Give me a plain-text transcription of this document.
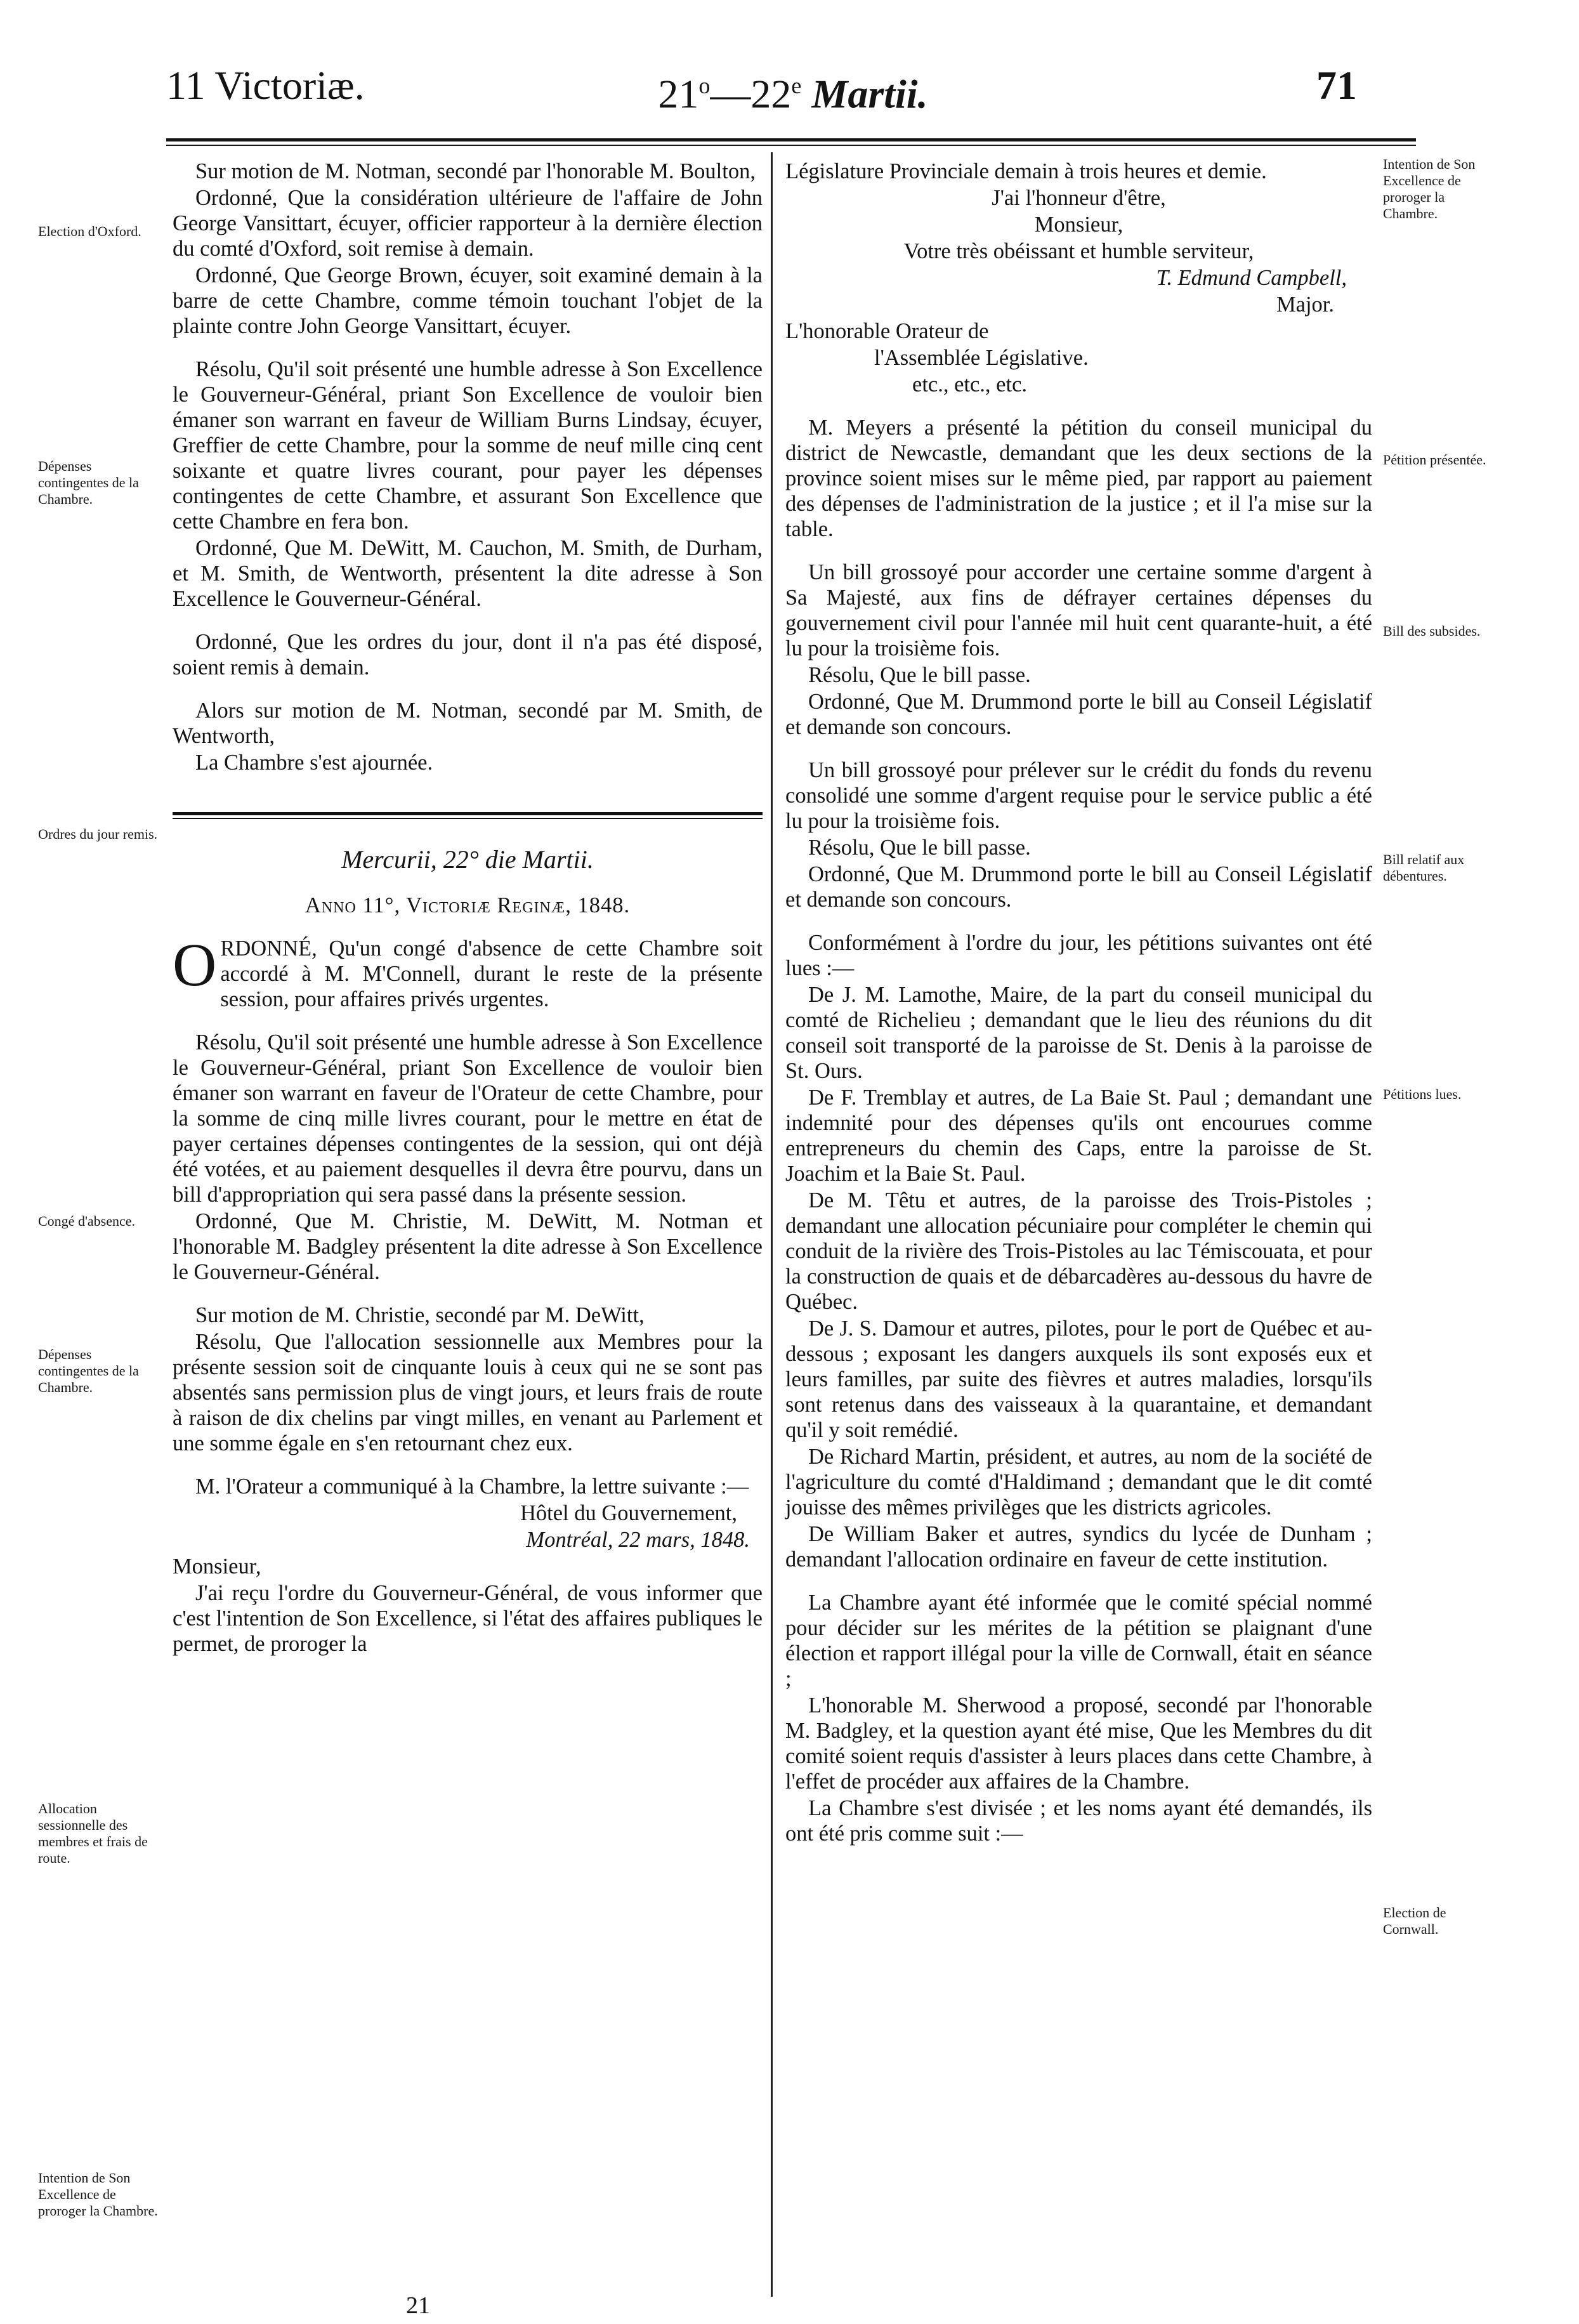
11 Victoriæ.	21$^o$—22e Martii.	71
Election d'Oxford.
Dépenses contingentes de la Chambre.
Ordres du jour remis.
Congé d'absence.
Dépenses contingentes de la Chambre.
Allocation sessionnelle des membres et frais de route.
Intention de Son Excellence de proroger la Chambre.
Intention de Son Excellence de proroger la Chambre.
Pétition présentée.
Bill des subsides.
Bill relatif aux débentures.
Pétitions lues.
Election de Cornwall.

Sur motion de M. Notman, secondé par l'honorable M. Boulton,

Ordonné, Que la considération ultérieure de l'affaire de John George Vansittart, écuyer, officier rapporteur à la dernière élection du comté d'Oxford, soit remise à demain.

Ordonné, Que George Brown, écuyer, soit examiné demain à la barre de cette Chambre, comme témoin touchant l'objet de la plainte contre John George Vansittart, écuyer.

Résolu, Qu'il soit présenté une humble adresse à Son Excellence le Gouverneur-Général, priant Son Excellence de vouloir bien émaner son warrant en faveur de William Burns Lindsay, écuyer, Greffier de cette Chambre, pour la somme de neuf mille cinq cent soixante et quatre livres courant, pour payer les dépenses contingentes de cette Chambre, et assurant Son Excellence que cette Chambre en fera bon.

Ordonné, Que M. DeWitt, M. Cauchon, M. Smith, de Durham, et M. Smith, de Wentworth, présentent la dite adresse à Son Excellence le Gouverneur-Général.

Ordonné, Que les ordres du jour, dont il n'a pas été disposé, soient remis à demain.

Alors sur motion de M. Notman, secondé par M. Smith, de Wentworth,

La Chambre s'est ajournée.

Mercurii, 22° die Martii.

Anno 11°, Victoriæ Reginæ, 1848.

ORDONNÉ, Qu'un congé d'absence de cette Chambre soit accordé à M. M'Connell, durant le reste de la présente session, pour affaires privés urgentes.

Résolu, Qu'il soit présenté une humble adresse à Son Excellence le Gouverneur-Général, priant Son Excellence de vouloir bien émaner son warrant en faveur de l'Orateur de cette Chambre, pour la somme de cinq mille livres courant, pour le mettre en état de payer certaines dépenses contingentes de la session, qui ont déjà été votées, et au paiement desquelles il devra être pourvu, dans un bill d'appropriation qui sera passé dans la présente session.

Ordonné, Que M. Christie, M. DeWitt, M. Notman et l'honorable M. Badgley présentent la dite adresse à Son Excellence le Gouverneur-Général.

Sur motion de M. Christie, secondé par M. DeWitt,

Résolu, Que l'allocation sessionnelle aux Membres pour la présente session soit de cinquante louis à ceux qui ne se sont pas absentés sans permission plus de vingt jours, et leurs frais de route à raison de dix chelins par vingt milles, en venant au Parlement et une somme égale en s'en retournant chez eux.

M. l'Orateur a communiqué à la Chambre, la lettre suivante :—

Hôtel du Gouvernement,

Montréal, 22 mars, 1848.

Monsieur,

J'ai reçu l'ordre du Gouverneur-Général, de vous informer que c'est l'intention de Son Excellence, si l'état des affaires publiques le permet, de proroger la

21

Législature Provinciale demain à trois heures et demie.

J'ai l'honneur d'être,

Monsieur,

Votre très obéissant et humble serviteur,

T. Edmund Campbell,

Major.

L'honorable Orateur de

l'Assemblée Législative.

etc., etc., etc.

M. Meyers a présenté la pétition du conseil municipal du district de Newcastle, demandant que les deux sections de la province soient mises sur le même pied, par rapport au paiement des dépenses de l'administration de la justice ; et il l'a mise sur la table.

Un bill grossoyé pour accorder une certaine somme d'argent à Sa Majesté, aux fins de défrayer certaines dépenses du gouvernement civil pour l'année mil huit cent quarante-huit, a été lu pour la troisième fois.

Résolu, Que le bill passe.

Ordonné, Que M. Drummond porte le bill au Conseil Législatif et demande son concours.

Un bill grossoyé pour prélever sur le crédit du fonds du revenu consolidé une somme d'argent requise pour le service public a été lu pour la troisième fois.

Résolu, Que le bill passe.

Ordonné, Que M. Drummond porte le bill au Conseil Législatif et demande son concours.

Conformément à l'ordre du jour, les pétitions suivantes ont été lues :—

De J. M. Lamothe, Maire, de la part du conseil municipal du comté de Richelieu ; demandant que le lieu des réunions du dit conseil soit transporté de la paroisse de St. Denis à la paroisse de St. Ours.

De F. Tremblay et autres, de La Baie St. Paul ; demandant une indemnité pour des dépenses qu'ils ont encourues comme entrepreneurs du chemin des Caps, entre la paroisse de St. Joachim et la Baie St. Paul.

De M. Têtu et autres, de la paroisse des Trois-Pistoles ; demandant une allocation pécuniaire pour compléter le chemin qui conduit de la rivière des Trois-Pistoles au lac Témiscouata, et pour la construction de quais et de débarcadères au-dessous du havre de Québec.

De J. S. Damour et autres, pilotes, pour le port de Québec et au-dessous ; exposant les dangers auxquels ils sont exposés eux et leurs familles, par suite des fièvres et autres maladies, lorsqu'ils sont retenus dans des vaisseaux à la quarantaine, et demandant qu'il y soit remédié.

De Richard Martin, président, et autres, au nom de la société de l'agriculture du comté d'Haldimand ; demandant que le dit comté jouisse des mêmes privilèges que les districts agricoles.

De William Baker et autres, syndics du lycée de Dunham ; demandant l'allocation ordinaire en faveur de cette institution.

La Chambre ayant été informée que le comité spécial nommé pour décider sur les mérites de la pétition se plaignant d'une élection et rapport illégal pour la ville de Cornwall, était en séance ;

L'honorable M. Sherwood a proposé, secondé par l'honorable M. Badgley, et la question ayant été mise, Que les Membres du dit comité soient requis d'assister à leurs places dans cette Chambre, à l'effet de procéder aux affaires de la Chambre.

La Chambre s'est divisée ; et les noms ayant été demandés, ils ont été pris comme suit :—
